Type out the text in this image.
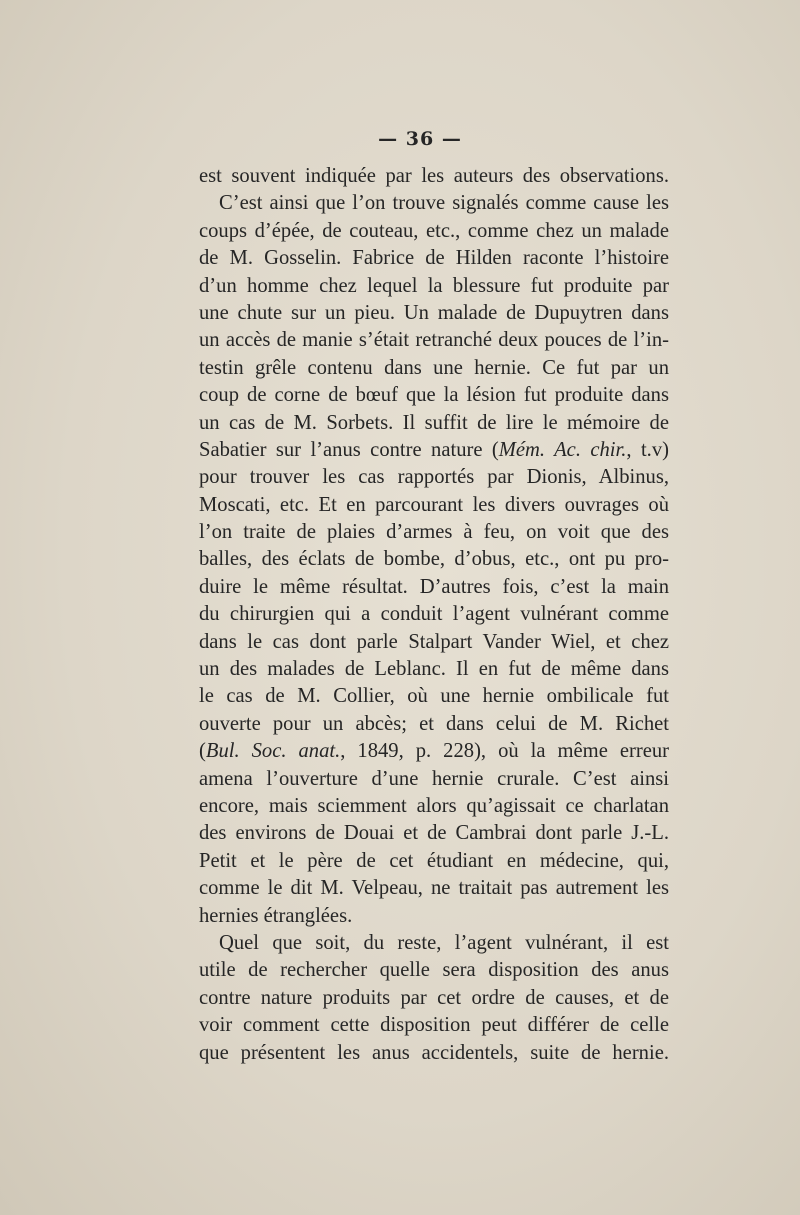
— 36 —
est souvent indiquée par les auteurs des observations.
C’est ainsi que l’on trouve signalés comme cause les
coups d’épée, de couteau, etc., comme chez un malade
de M. Gosselin. Fabrice de Hilden raconte l’histoire
d’un homme chez lequel la blessure fut produite par
une chute sur un pieu. Un malade de Dupuytren dans
un accès de manie s’était retranché deux pouces de l’in-
testin grêle contenu dans une hernie. Ce fut par un
coup de corne de bœuf que la lésion fut produite dans
un cas de M. Sorbets. Il suffit de lire le mémoire de
Sabatier sur l’anus contre nature (Mém. Ac. chir., t.v)
pour trouver les cas rapportés par Dionis, Albinus,
Moscati, etc. Et en parcourant les divers ouvrages où
l’on traite de plaies d’armes à feu, on voit que des
balles, des éclats de bombe, d’obus, etc., ont pu pro-
duire le même résultat. D’autres fois, c’est la main
du chirurgien qui a conduit l’agent vulnérant comme
dans le cas dont parle Stalpart Vander Wiel, et chez
un des malades de Leblanc. Il en fut de même dans
le cas de M. Collier, où une hernie ombilicale fut
ouverte pour un abcès; et dans celui de M. Richet
(Bul. Soc. anat., 1849, p. 228), où la même erreur
amena l’ouverture d’une hernie crurale. C’est ainsi
encore, mais sciemment alors qu’agissait ce charlatan
des environs de Douai et de Cambrai dont parle J.-L.
Petit et le père de cet étudiant en médecine, qui,
comme le dit M. Velpeau, ne traitait pas autrement les
hernies étranglées.
Quel que soit, du reste, l’agent vulnérant, il est
utile de rechercher quelle sera disposition des anus
contre nature produits par cet ordre de causes, et de
voir comment cette disposition peut différer de celle
que présentent les anus accidentels, suite de hernie.
